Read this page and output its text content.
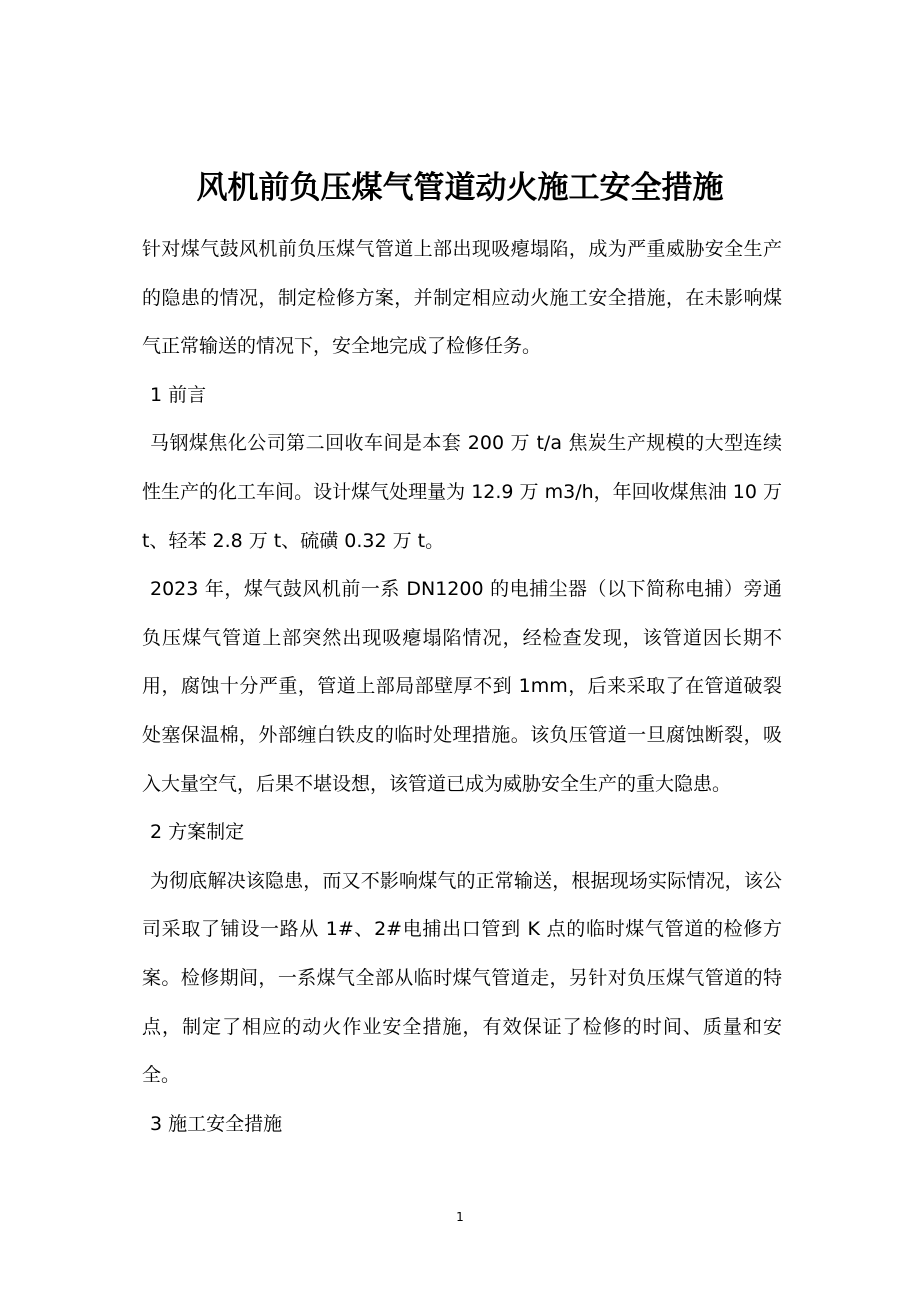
风机前负压煤气管道动火施工安全措施

针对煤气鼓风机前负压煤气管道上部出现吸瘪塌陷，成为严重威胁安全生产的隐患的情况，制定检修方案，并制定相应动火施工安全措施，在未影响煤气正常输送的情况下，安全地完成了检修任务。

1 前言

马钢煤焦化公司第二回收车间是本套 200 万 t/a 焦炭生产规模的大型连续性生产的化工车间。设计煤气处理量为 12.9 万 m3/h，年回收煤焦油 10 万 t、轻苯 2.8 万 t、硫磺 0.32 万 t。

2023 年，煤气鼓风机前一系 DN1200 的电捕尘器（以下简称电捕）旁通负压煤气管道上部突然出现吸瘪塌陷情况，经检查发现，该管道因长期不用，腐蚀十分严重，管道上部局部壁厚不到 1mm，后来采取了在管道破裂处塞保温棉，外部缠白铁皮的临时处理措施。该负压管道一旦腐蚀断裂，吸入大量空气，后果不堪设想，该管道已成为威胁安全生产的重大隐患。

2 方案制定

为彻底解决该隐患，而又不影响煤气的正常输送，根据现场实际情况，该公司采取了铺设一路从 1#、2#电捕出口管到 K 点的临时煤气管道的检修方案。检修期间，一系煤气全部从临时煤气管道走，另针对负压煤气管道的特点，制定了相应的动火作业安全措施，有效保证了检修的时间、质量和安全。

3 施工安全措施

1
